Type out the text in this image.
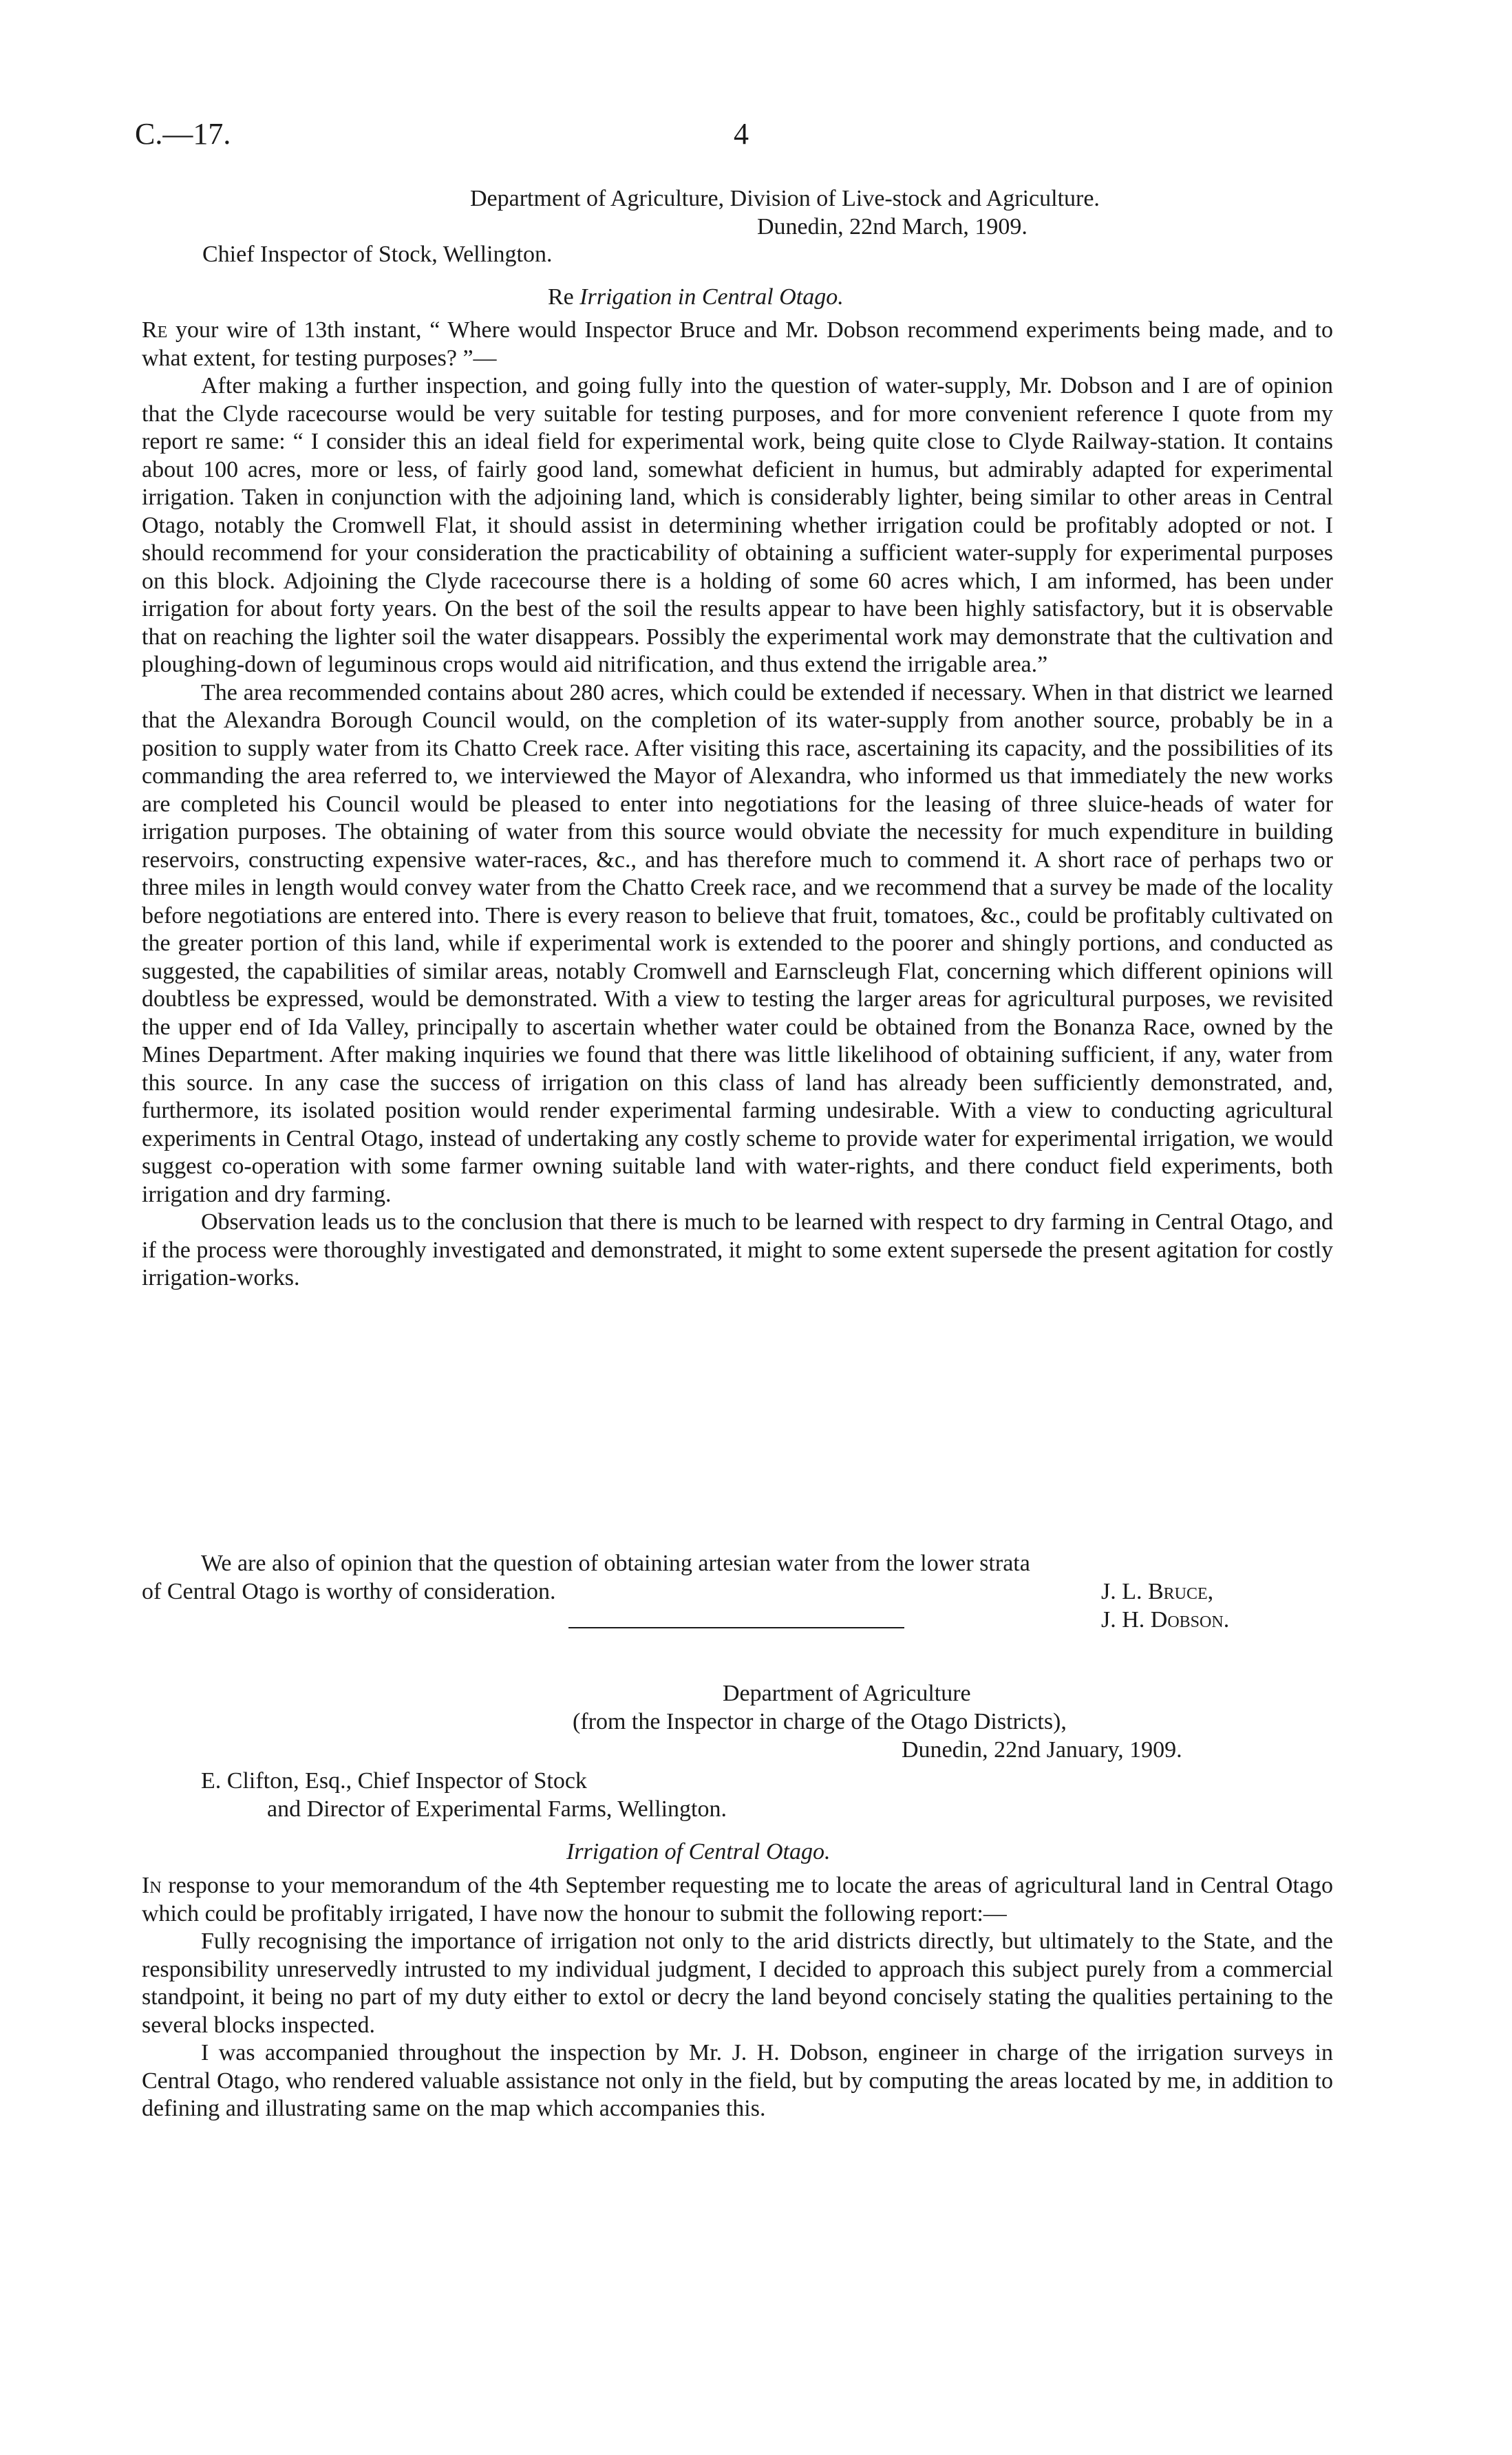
C.—17.	4
Department of Agriculture, Division of Live-stock and Agriculture.
Dunedin, 22nd March, 1909.
Chief Inspector of Stock, Wellington.
Re Irrigation in Central Otago.

Re your wire of 13th instant, “ Where would Inspector Bruce and Mr. Dobson recommend experiments being made, and to what extent, for testing purposes? ”—

After making a further inspection, and going fully into the question of water-supply, Mr. Dobson and I are of opinion that the Clyde racecourse would be very suitable for testing purposes, and for more convenient reference I quote from my report re same: “ I consider this an ideal field for experimental work, being quite close to Clyde Railway-station. It contains about 100 acres, more or less, of fairly good land, somewhat deficient in humus, but admirably adapted for experimental irrigation. Taken in conjunction with the adjoining land, which is considerably lighter, being similar to other areas in Central Otago, notably the Cromwell Flat, it should assist in determining whether irrigation could be profitably adopted or not. I should recommend for your consideration the practicability of obtaining a sufficient water-supply for experimental purposes on this block. Adjoining the Clyde racecourse there is a holding of some 60 acres which, I am informed, has been under irrigation for about forty years. On the best of the soil the results appear to have been highly satisfactory, but it is observable that on reaching the lighter soil the water disappears. Possibly the experimental work may demonstrate that the cultivation and ploughing-down of leguminous crops would aid nitrification, and thus extend the irrigable area.”

The area recommended contains about 280 acres, which could be extended if necessary. When in that district we learned that the Alexandra Borough Council would, on the completion of its water-supply from another source, probably be in a position to supply water from its Chatto Creek race. After visiting this race, ascertaining its capacity, and the possibilities of its commanding the area referred to, we interviewed the Mayor of Alexandra, who informed us that immediately the new works are completed his Council would be pleased to enter into negotiations for the leasing of three sluice-heads of water for irrigation purposes. The obtaining of water from this source would obviate the necessity for much expenditure in building reservoirs, constructing expensive water-races, &c., and has therefore much to commend it. A short race of perhaps two or three miles in length would convey water from the Chatto Creek race, and we recommend that a survey be made of the locality before negotiations are entered into. There is every reason to believe that fruit, tomatoes, &c., could be profitably cultivated on the greater portion of this land, while if experimental work is extended to the poorer and shingly portions, and conducted as suggested, the capabilities of similar areas, notably Cromwell and Earnscleugh Flat, concerning which different opinions will doubtless be expressed, would be demonstrated. With a view to testing the larger areas for agricultural purposes, we revisited the upper end of Ida Valley, principally to ascertain whether water could be obtained from the Bonanza Race, owned by the Mines Department. After making inquiries we found that there was little likelihood of obtaining sufficient, if any, water from this source. In any case the success of irrigation on this class of land has already been sufficiently demonstrated, and, furthermore, its isolated position would render experimental farming undesirable. With a view to conducting agricultural experiments in Central Otago, instead of undertaking any costly scheme to provide water for experimental irrigation, we would suggest co-operation with some farmer owning suitable land with water-rights, and there conduct field experiments, both irrigation and dry farming.

Observation leads us to the conclusion that there is much to be learned with respect to dry farming in Central Otago, and if the process were thoroughly investigated and demonstrated, it might to some extent supersede the present agitation for costly irrigation-works.

We are also of opinion that the question of obtaining artesian water from the lower strata
of Central Otago is worthy of consideration.	J. L. Bruce,
J. H. Dobson.
Department of Agriculture
(from the Inspector in charge of the Otago Districts),
Dunedin, 22nd January, 1909.
E. Clifton, Esq., Chief Inspector of Stock
and Director of Experimental Farms, Wellington.
Irrigation of Central Otago.

In response to your memorandum of the 4th September requesting me to locate the areas of agricultural land in Central Otago which could be profitably irrigated, I have now the honour to submit the following report:—

Fully recognising the importance of irrigation not only to the arid districts directly, but ultimately to the State, and the responsibility unreservedly intrusted to my individual judgment, I decided to approach this subject purely from a commercial standpoint, it being no part of my duty either to extol or decry the land beyond concisely stating the qualities pertaining to the several blocks inspected.

I was accompanied throughout the inspection by Mr. J. H. Dobson, engineer in charge of the irrigation surveys in Central Otago, who rendered valuable assistance not only in the field, but by computing the areas located by me, in addition to defining and illustrating same on the map which accompanies this.
